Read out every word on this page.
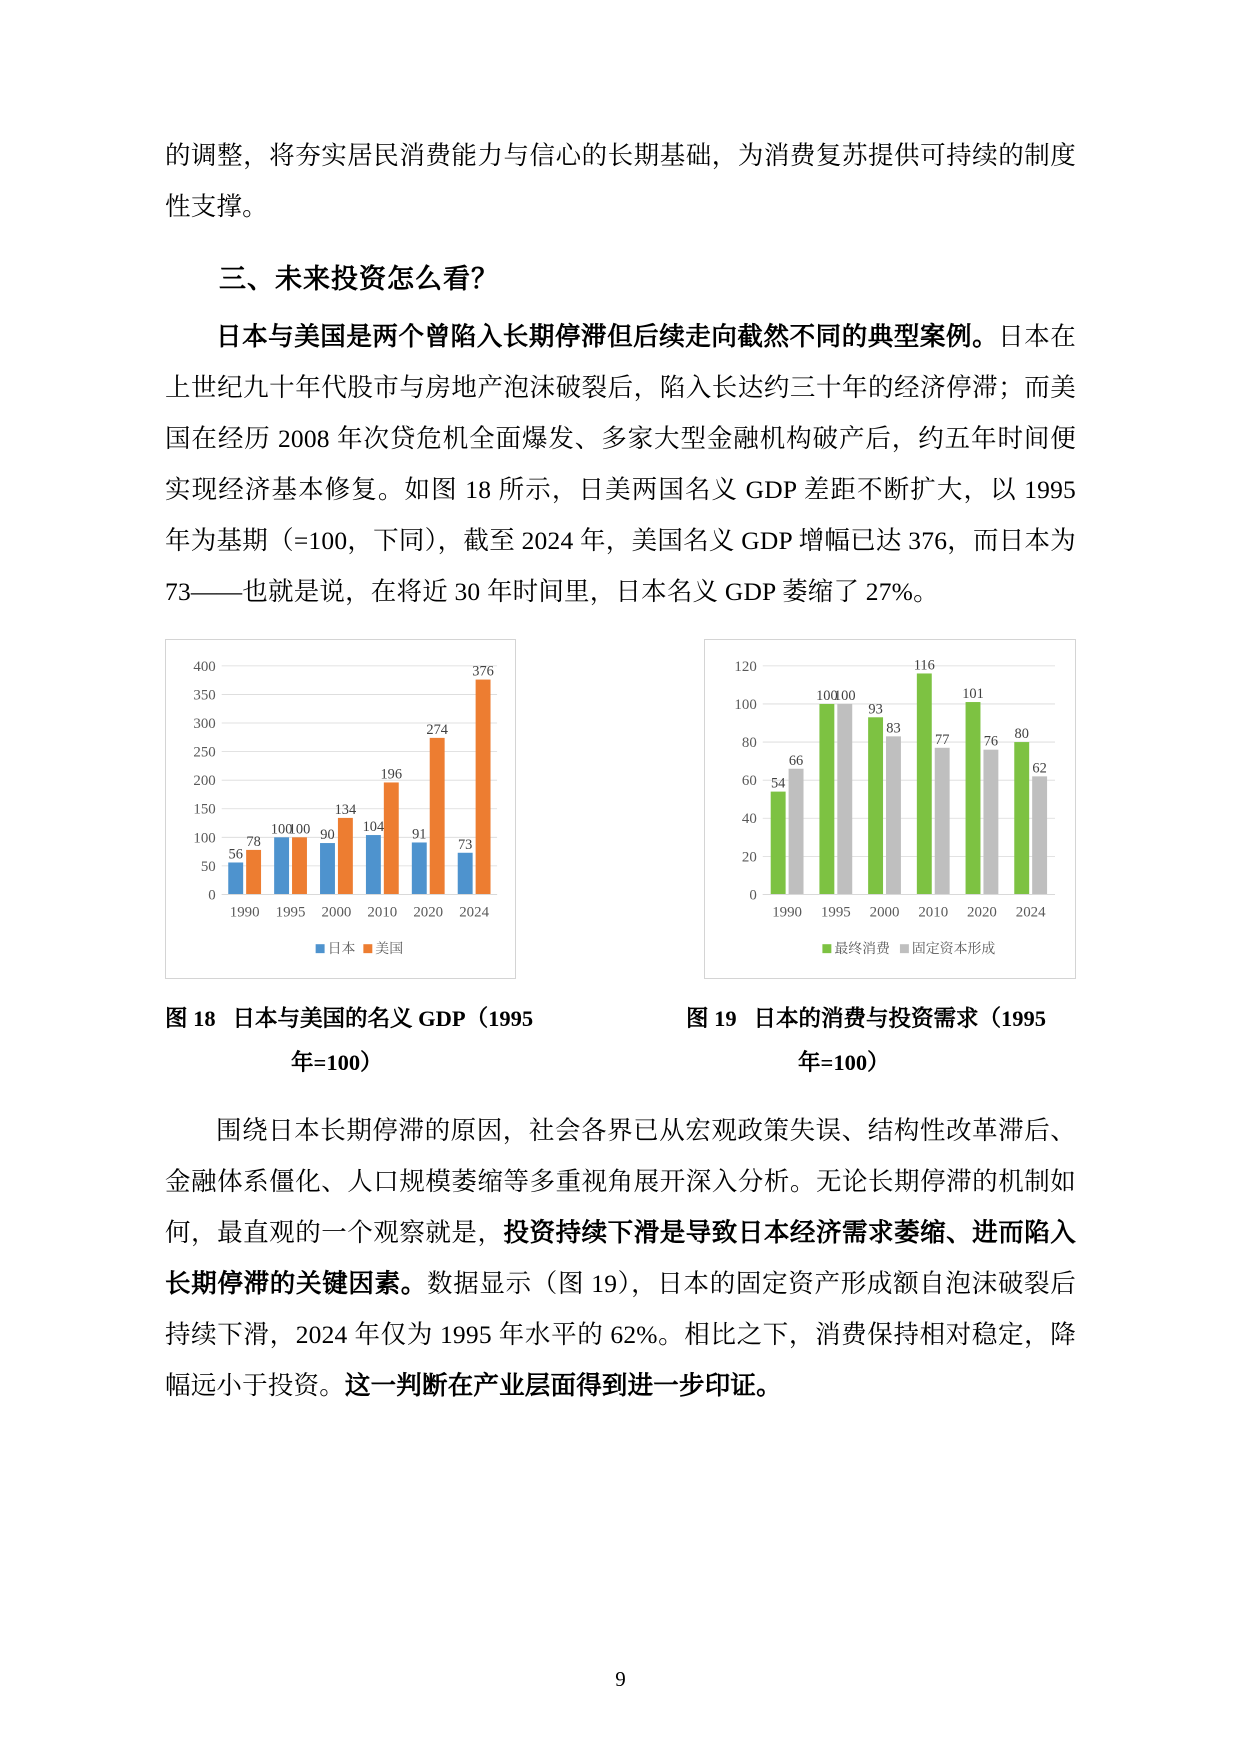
的调整，将夯实居民消费能力与信心的长期基础，为消费复苏提供可持续的制度性支撑。

三、未来投资怎么看？

日本与美国是两个曾陷入长期停滞但后续走向截然不同的典型案例。日本在上世纪九十年代股市与房地产泡沫破裂后，陷入长达约三十年的经济停滞；而美国在经历 2008 年次贷危机全面爆发、多家大型金融机构破产后，约五年时间便实现经济基本修复。如图 18 所示，日美两国名义 GDP 差距不断扩大，以 1995 年为基期（=100，下同），截至 2024 年，美国名义 GDP 增幅已达 376，而日本为 73——也就是说，在将近 30 年时间里，日本名义 GDP 萎缩了 27%。

0
50
100
150
200
250
300
350
400
56
78
1990
100
100
1995
90
134
2000
104
196
2010
91
274
2020
73
376
2024
日本 美国
0
20
40
60
80
100
120
54
66
1990
100
100
1995
93
83
2000
116
77
2010
101
76
2020
80
62
2024
最终消费 固定资本形成
图 18 日本与美国的名义 GDP（1995
年=100）
图 19 日本的消费与投资需求（1995
年=100）

围绕日本长期停滞的原因，社会各界已从宏观政策失误、结构性改革滞后、金融体系僵化、人口规模萎缩等多重视角展开深入分析。无论长期停滞的机制如何，最直观的一个观察就是，投资持续下滑是导致日本经济需求萎缩、进而陷入长期停滞的关键因素。数据显示（图 19），日本的固定资产形成额自泡沫破裂后持续下滑，2024 年仅为 1995 年水平的 62%。相比之下，消费保持相对稳定，降幅远小于投资。这一判断在产业层面得到进一步印证。

9
